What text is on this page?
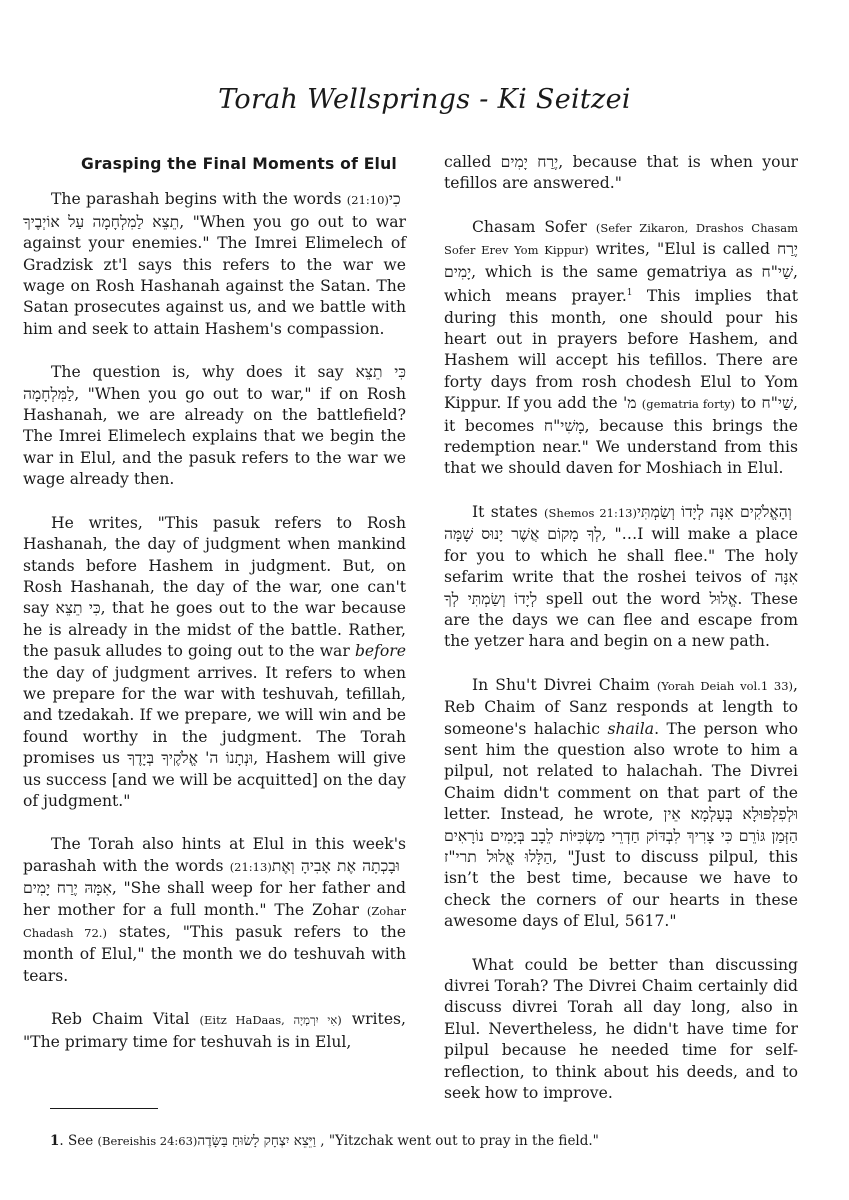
Torah Wellsprings - Ki Seitzei
Grasping the Final Moments of Elul

The parashah begins with the words (21:10) כִי תֵצֵא לַמִלְחָמָה עַל אוֹיְבֶיךָ, "When you go out to war against your enemies." The Imrei Elimelech of Gradzisk zt'l says this refers to the war we wage on Rosh Hashanah against the Satan. The Satan prosecutes against us, and we battle with him and seek to attain Hashem's compassion.

The question is, why does it say כִּי תֵצֵא לַמִּלְחָמָה, "When you go out to war," if on Rosh Hashanah, we are already on the battlefield? The Imrei Elimelech explains that we begin the war in Elul, and the pasuk refers to the war we wage already then.

He writes, "This pasuk refers to Rosh Hashanah, the day of judgment when mankind stands before Hashem in judgment. But, on Rosh Hashanah, the day of the war, one can't say כִּי תֵצֵא, that he goes out to the war because he is already in the midst of the battle. Rather, the pasuk alludes to going out to the war before the day of judgment arrives. It refers to when we prepare for the war with teshuvah, tefillah, and tzedakah. If we prepare, we will win and be found worthy in the judgment. The Torah promises us וּנְתָנוֹ ה' אֱלֹקֶיךָ בְּיָדֶךָ, Hashem will give us success [and we will be acquitted] on the day of judgment."

The Torah also hints at Elul in this week's parashah with the words (21:13) וּבָכְתָה אֶת אָבִיהָ וְאֶת אִמָּהּ יֶרַח יָמִים, "She shall weep for her father and her mother for a full month." The Zohar (Zohar Chadash 72.) states, "This pasuk refers to the month of Elul," the month we do teshuvah with tears.

Reb Chaim Vital (Eitz HaDaas, אִי יִרְמְיָה) writes, "The primary time for teshuvah is in Elul,

called יֶרַח יָמִים, because that is when your tefillos are answered."

Chasam Sofer (Sefer Zikaron, Drashos Chasam Sofer Erev Yom Kippur) writes, "Elul is called יֶרַח יָמִים, which is the same gematriya as שַׁי"ח, which means prayer.$^1$ This implies that during this month, one should pour his heart out in prayers before Hashem, and Hashem will accept his tefillos. There are forty days from rosh chodesh Elul to Yom Kippur. If you add the מ' (gematria forty) to שַׁי"ח, it becomes מָשִׁי"ח, because this brings the redemption near." We understand from this that we should daven for Moshiach in Elul.

It states (Shemos 21:13) וְהָאֱלֹקִים אִנָּה לְיָדוֹ וְשַׂמְתִּי לְךָ מָקוֹם אֲשֶׁר יָנוּס שָׁמָּה, "…I will make a place for you to which he shall flee." The holy sefarim write that the roshei teivos of אִנָּה לְיָדוֹ וְשַׂמְתִּי לְךָ spell out the word אֱלוּל. These are the days we can flee and escape from the yetzer hara and begin on a new path.

In Shu't Divrei Chaim (Yorah Deiah vol.1 33), Reb Chaim of Sanz responds at length to someone's halachic shaila. The person who sent him the question also wrote to him a pilpul, not related to halachah. The Divrei Chaim didn't comment on that part of the letter. Instead, he wrote, וּלְפִלְפּוּלָא בְּעָלְמָא אֵין הַזְּמַן גּוֹרֵם כִּי צָרִיךְ לִבְדּוֹק חַדְרֵי מַשְׂכִּיּוֹת לֵבָב בְּיָמִים נוֹרָאִים הַלָּלוּ אֱלוּל תרי"ז, "Just to discuss pilpul, this isn’t the best time, because we have to check the corners of our hearts in these awesome days of Elul, 5617."

What could be better than discussing divrei Torah? The Divrei Chaim certainly did discuss divrei Torah all day long, also in Elul. Nevertheless, he didn't have time for pilpul because he needed time for self-reflection, to think about his deeds, and to seek how to improve.

1. See (Bereishis 24:63) וַיֵּצֵא יִצְחָק לָשׂוּחַ בַּשָּׂדֶה, "Yitzchak went out to pray in the field."
